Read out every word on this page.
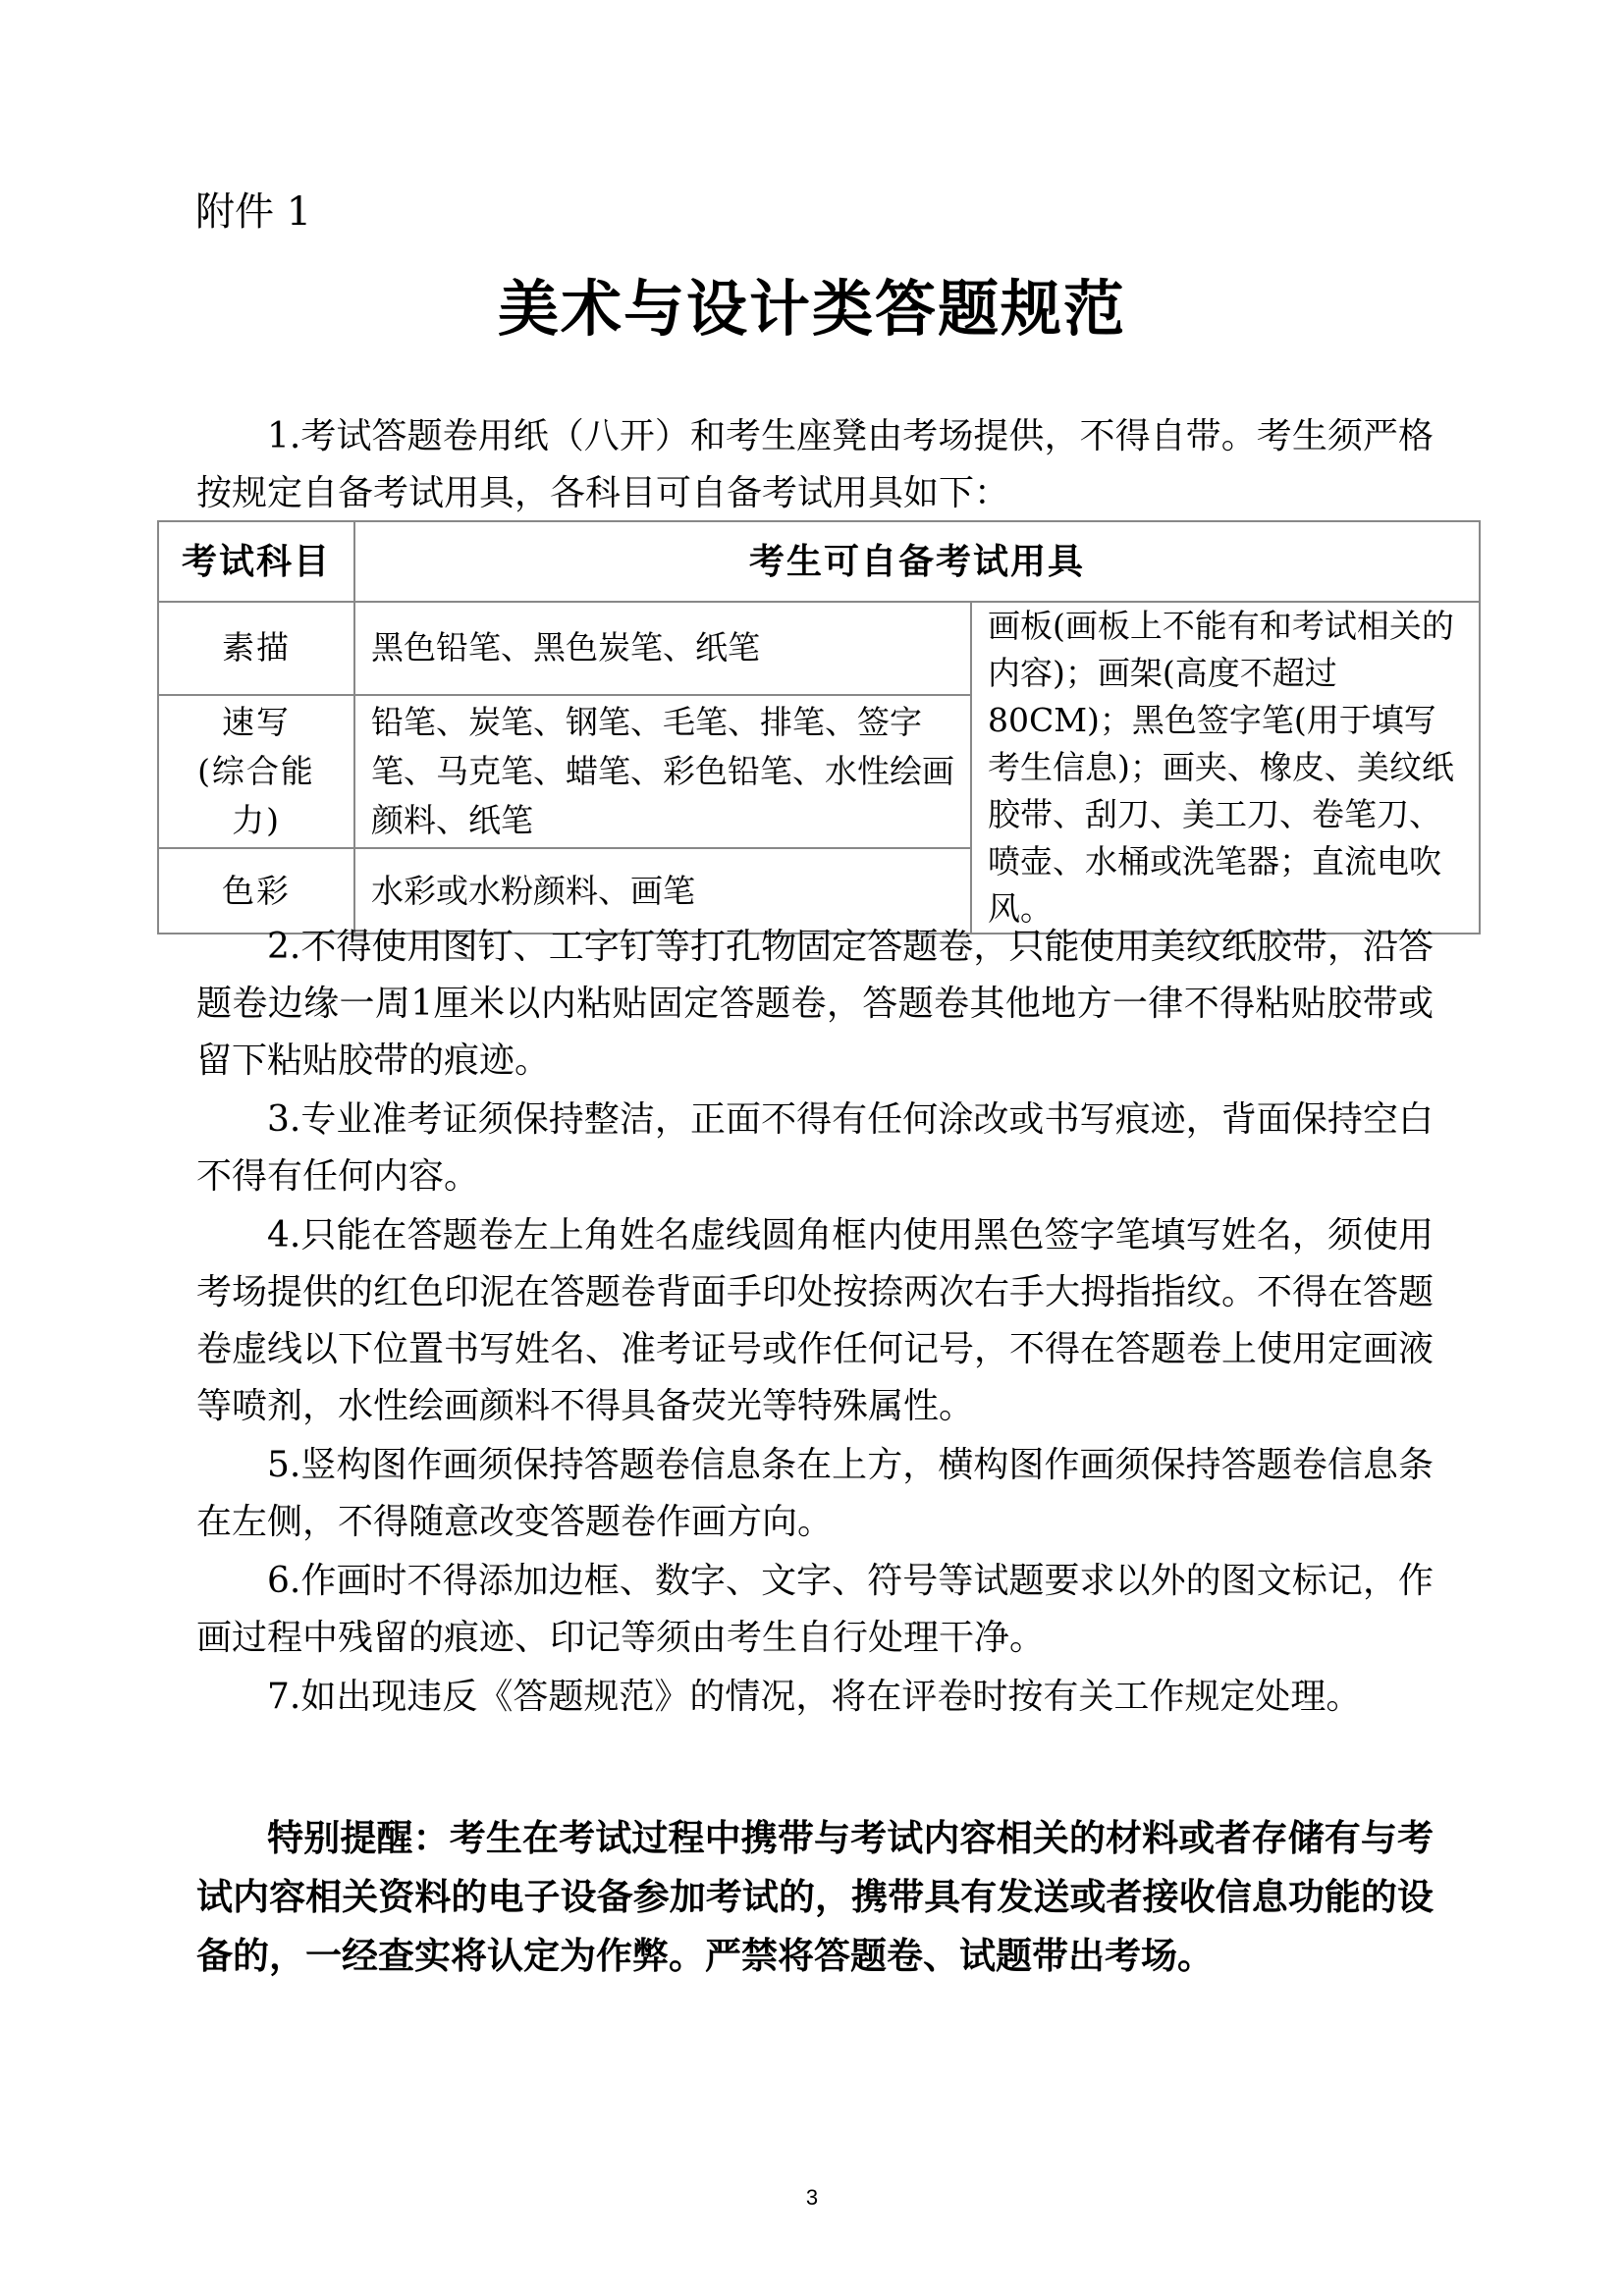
附件 1
美术与设计类答题规范

1.考试答题卷用纸（八开）和考生座凳由考场提供，不得自带。考生须严格按规定自备考试用具，各科目可自备考试用具如下：

考试科目	考生可自备考试用具	
素描	黑色铅笔、黑色炭笔、纸笔	画板(画板上不能有和考试相关的内容)；画架(高度不超过80CM)；黑色签字笔(用于填写考生信息)；画夹、橡皮、美纹纸胶带、刮刀、美工刀、卷笔刀、喷壶、水桶或洗笔器；直流电吹风。

速写
(综合能力)	铅笔、炭笔、钢笔、毛笔、排笔、签字笔、马克笔、蜡笔、彩色铅笔、水性绘画颜料、纸笔	
色彩	水彩或水粉颜料、画笔	

2.不得使用图钉、工字钉等打孔物固定答题卷，只能使用美纹纸胶带，沿答题卷边缘一周1厘米以内粘贴固定答题卷，答题卷其他地方一律不得粘贴胶带或留下粘贴胶带的痕迹。

3.专业准考证须保持整洁，正面不得有任何涂改或书写痕迹，背面保持空白不得有任何内容。

4.只能在答题卷左上角姓名虚线圆角框内使用黑色签字笔填写姓名，须使用考场提供的红色印泥在答题卷背面手印处按捺两次右手大拇指指纹。不得在答题卷虚线以下位置书写姓名、准考证号或作任何记号，不得在答题卷上使用定画液等喷剂，水性绘画颜料不得具备荧光等特殊属性。

5.竖构图作画须保持答题卷信息条在上方，横构图作画须保持答题卷信息条在左侧，不得随意改变答题卷作画方向。

6.作画时不得添加边框、数字、文字、符号等试题要求以外的图文标记，作画过程中残留的痕迹、印记等须由考生自行处理干净。

7.如出现违反《答题规范》的情况，将在评卷时按有关工作规定处理。

特别提醒：考生在考试过程中携带与考试内容相关的材料或者存储有与考试内容相关资料的电子设备参加考试的，携带具有发送或者接收信息功能的设备的，一经查实将认定为作弊。严禁将答题卷、试题带出考场。

3
